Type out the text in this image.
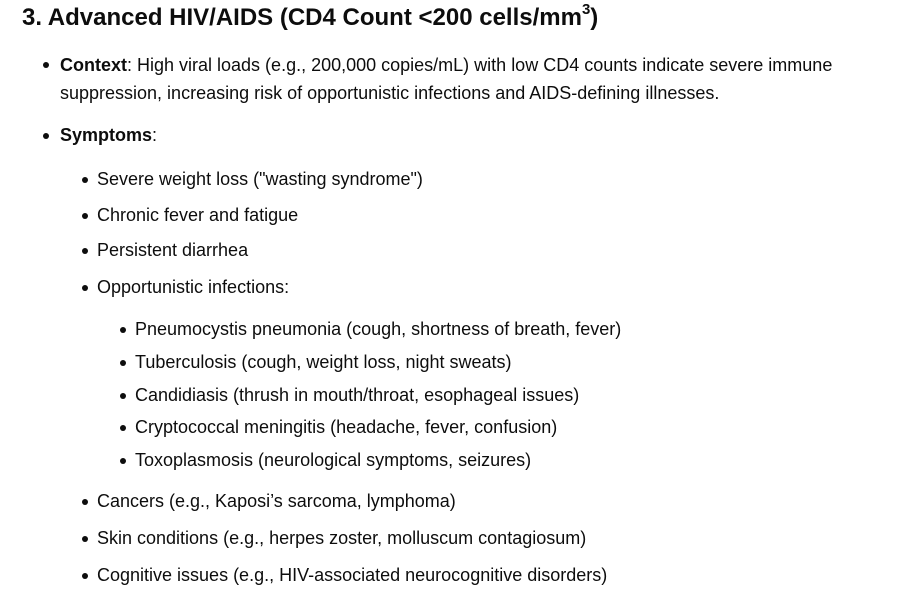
3. Advanced HIV/AIDS (CD4 Count <200 cells/$mm^3$)
Context: High viral loads (e.g., 200,000 copies/mL) with low CD4 counts indicate severe immune
suppression, increasing risk of opportunistic infections and AIDS-defining illnesses.
Symptoms:
Severe weight loss ("wasting syndrome")
Chronic fever and fatigue
Persistent diarrhea
Opportunistic infections:
Pneumocystis pneumonia (cough, shortness of breath, fever)
Tuberculosis (cough, weight loss, night sweats)
Candidiasis (thrush in mouth/throat, esophageal issues)
Cryptococcal meningitis (headache, fever, confusion)
Toxoplasmosis (neurological symptoms, seizures)
Cancers (e.g., Kaposi’s sarcoma, lymphoma)
Skin conditions (e.g., herpes zoster, molluscum contagiosum)
Cognitive issues (e.g., HIV-associated neurocognitive disorders)
